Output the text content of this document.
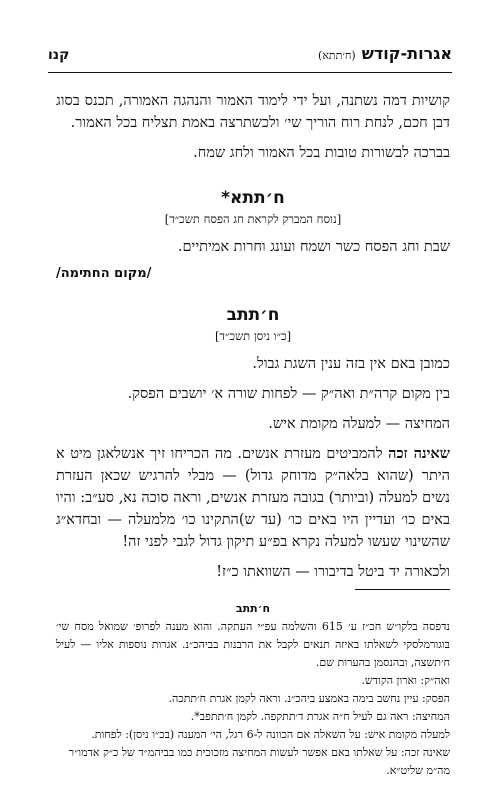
קנו	אגרות-קודש
(ח׳תתא)

קושיות דמה נשתנה, ועל ידי לימוד האמור והנהגה האמורה, תכנס בסוג דבן חכם, לנחת רוח הוריך שי׳ ולכשתרצה באמת תצליח בכל האמור.

בברכה לבשורות טובות בכל האמור ולחג שמח.

ח׳תתא*
[נוסח המברק לקראת חג הפסח תשכ״ד]

שבת וחג הפסח כשר ושמח ועונג וחרות אמיתיים.

/מקום החתימה/

ח׳תתב
[כ״ו ניסן תשכ״ד]

כמובן באם אין בזה ענין השגת גבול.

בין מקום קרה״ת ואה״ק — לפחות שורה א׳ יושבים הפסק.

המחיצה — למעלה מקומת איש.

שאינה זכה להמביטים מעזרת אנשים. מה הכריחו זיך אנשלאגן מיט א היתר (שהוא בלאה״ק מדוחק גדול) — מבלי להרגיש שכאן העזרת נשים למעלה (וביותר) בגובה מעזרת אנשים, וראה סוכה נא, סע״ב: והיו באים כו׳ ועדיין היו באים כו׳ (עד ש)התקינו כו׳ מלמעלה — ובחדא״ג שהשינוי שעשו למעלה נקרא בפ״ע תיקון גדול לגבי לפני זה!

ולכאורה יד ביטל בדיבורו — השוואתו כ״ז!

ח׳תתב

נדפסה בלקו״ש חכ״ז ע׳ 615 והשלמה עפ״י העתקה. והוא מענה לפרופ׳ שמואל מסח שי׳ בוגורמלסקי לשאלתו באיזה תנאים לקבל את הרבנות בביהכ״נ. אגרות נוספות אליו — לעיל ח׳תשצה, ובהנסמן בהערות שם.

ואה״ק: וארון הקודש.

הפסק: עיין נחשב בימה באמצע ביהכ״נ. וראה לקמן אגרת ח׳תתכה.

המחיצה: ראה גם לעיל ח״ה אגרת ד׳תתקפה. לקמן ח׳תתפב*.

למעלה מקומת איש: על השאלה אם הכוונה ל-6 רגל, הי׳ המענה (בכ״ו ניסן): לפחות.

שאינה זכה: על שאלתו באם אפשר לעשות המחיצה מזכוכית כמו בביהמ״ד של כ״ק אדמו״ר מה״מ שליט״א.
